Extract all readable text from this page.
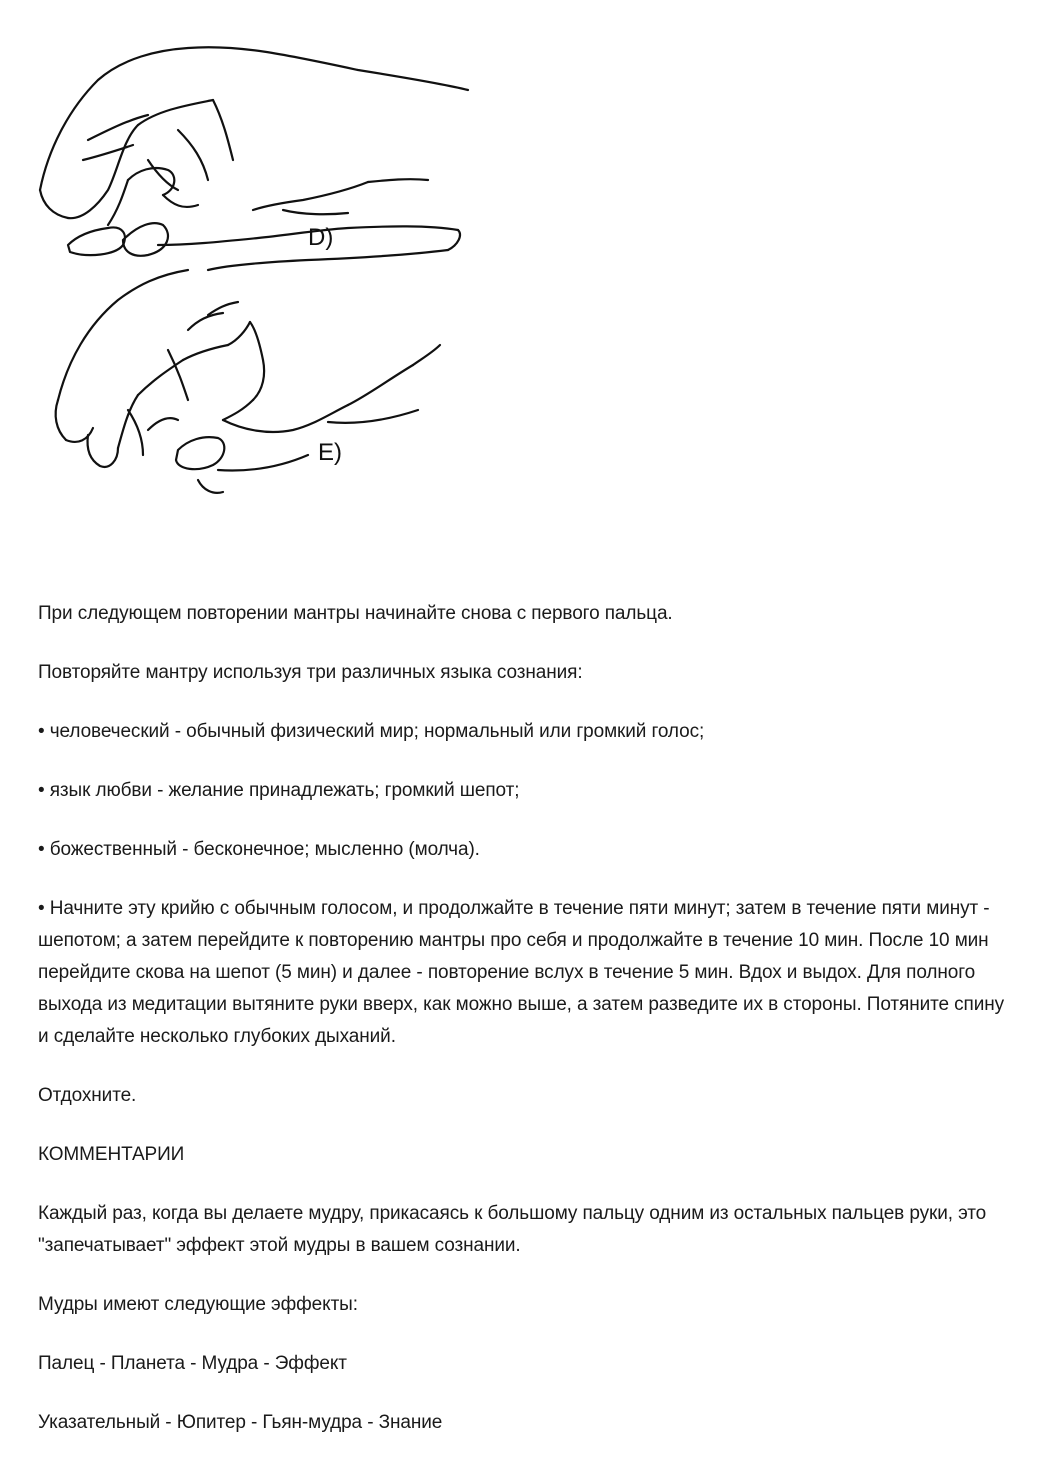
D)
E)

При следующем повторении мантры начинайте снова с первого пальца.

Повторяйте мантру используя три различных языка сознания:

• человеческий - обычный физический мир; нормальный или громкий голос;

• язык любви - желание принадлежать; громкий шепот;

• божественный - бесконечное; мысленно (молча).

• Начните эту крийю с обычным голосом, и продолжайте в течение пяти минут; затем в течение пяти минут - шепотом; а затем перейдите к повторению мантры про себя и продолжайте в течение 10 мин. После 10 мин перейдите скова на шепот (5 мин) и далее - повторение вслух в течение 5 мин. Вдох и выдох. Для полного выхода из медитации вытяните руки вверх, как можно выше, а затем разведите их в стороны. Потяните спину и сделайте несколько глубоких дыханий.

Отдохните.

КОММЕНТАРИИ

Каждый раз, когда вы делаете мудру, прикасаясь к большому пальцу одним из остальных пальцев руки, это "запечатывает" эффект этой мудры в вашем сознании.

Мудры имеют следующие эффекты:

Палец - Планета - Мудра - Эффект

Указательный - Юпитер - Гьян-мудра - Знание
